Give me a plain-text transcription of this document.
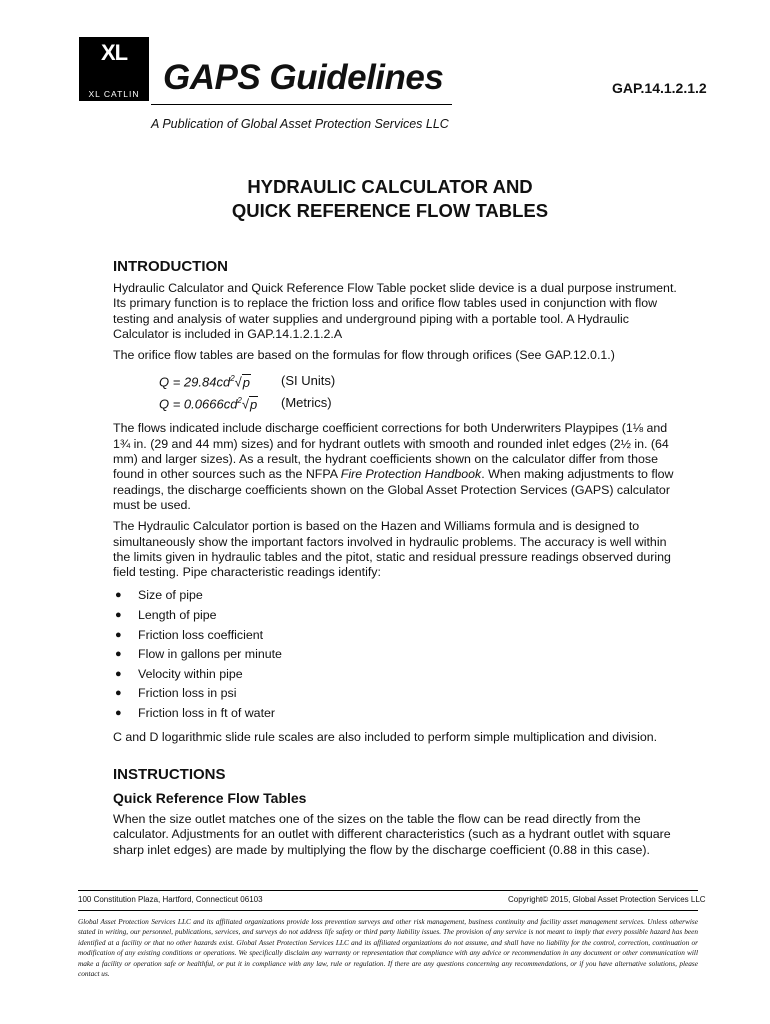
XL
XL CATLIN GAPS Guidelines	GAP.14.1.2.1.2
A Publication of Global Asset Protection Services LLC
HYDRAULIC CALCULATOR AND
QUICK REFERENCE FLOW TABLES
INTRODUCTION

Hydraulic Calculator and Quick Reference Flow Table pocket slide device is a dual purpose instrument. Its primary function is to replace the friction loss and orifice flow tables used in conjunction with flow testing and analysis of water supplies and underground piping with a portable tool. A Hydraulic Calculator is included in GAP.14.1.2.1.2.A

The orifice flow tables are based on the formulas for flow through orifices (See GAP.12.0.1.)

$Q = 29.84cd^2√p$	(SI Units)
$Q = 0.0666cd^2√p$	(Metrics)

The flows indicated include discharge coefficient corrections for both Underwriters Playpipes (1⅛ and 1¾ in. (29 and 44 mm) sizes) and for hydrant outlets with smooth and rounded inlet edges (2½ in. (64 mm) and larger sizes). As a result, the hydrant coefficients shown on the calculator differ from those found in other sources such as the NFPA Fire Protection Handbook. When making adjustments to flow readings, the discharge coefficients shown on the Global Asset Protection Services (GAPS) calculator must be used.

The Hydraulic Calculator portion is based on the Hazen and Williams formula and is designed to simultaneously show the important factors involved in hydraulic problems. The accuracy is well within the limits given in hydraulic tables and the pitot, static and residual pressure readings observed during field testing. Pipe characteristic readings identify:

● Size of pipe
● Length of pipe
● Friction loss coefficient
● Flow in gallons per minute
● Velocity within pipe
● Friction loss in psi
● Friction loss in ft of water

C and D logarithmic slide rule scales are also included to perform simple multiplication and division.

INSTRUCTIONS
Quick Reference Flow Tables

When the size outlet matches one of the sizes on the table the flow can be read directly from the calculator. Adjustments for an outlet with different characteristics (such as a hydrant outlet with square sharp inlet edges) are made by multiplying the flow by the discharge coefficient (0.88 in this case).

100 Constitution Plaza, Hartford, Connecticut 06103	Copyright© 2015, Global Asset Protection Services LLC
Global Asset Protection Services LLC and its affiliated organizations provide loss prevention surveys and other risk management, business continuity and facility asset management services. Unless otherwise stated in writing, our personnel, publications, services, and surveys do not address life safety or third party liability issues. The provision of any service is not meant to imply that every possible hazard has been identified at a facility or that no other hazards exist. Global Asset Protection Services LLC and its affiliated organizations do not assume, and shall have no liability for the control, correction, continuation or modification of any existing conditions or operations. We specifically disclaim any warranty or representation that compliance with any advice or recommendation in any document or other communication will make a facility or operation safe or healthful, or put it in compliance with any law, rule or regulation. If there are any questions concerning any recommendations, or if you have alternative solutions, please contact us.
